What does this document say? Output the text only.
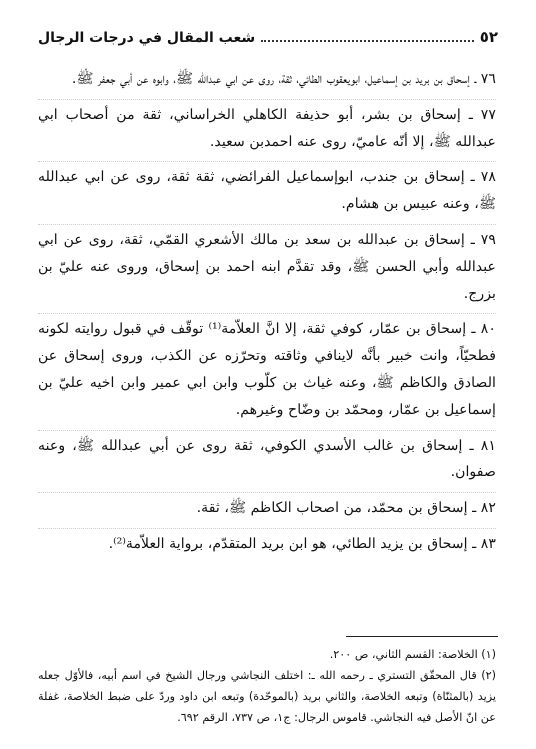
٥٢
شعب المقال في درجات الرجال

٧٦ ـ إسحاق بن بريد بن إسماعيل، ابويعقوب الطائي، ثقة، روى عن ابي عبدالله ﷺ، وابوه عن أبي جعفر ﷺ.

٧٧ ـ إسحاق بن بشر، أبو حذيفة الكاهلي الخراساني، ثقة من أصحاب ابي عبدالله ﷺ، إلا أنّه عاميّ، روى عنه احمدبن سعيد.

٧٨ ـ إسحاق بن جندب، ابوإسماعيل الفرائضي، ثقة ثقة، روى عن ابي عبدالله ﷺ، وعنه عبيس بن هشام.

٧٩ ـ إسحاق بن عبدالله بن سعد بن مالك الأشعري القمّي، ثقة، روى عن ابي عبدالله وأبي الحسن ﷺ، وقد تقدَّم ابنه احمد بن إسحاق، وروى عنه عليّ بن بزرج.

٨٠ ـ إسحاق بن عمّار، كوفي ثقة، إلا انَّ العلاّمة⁽¹⁾ توقّف في قبول روايته لكونه فطحيّاً، وانت خبير بأنَّه لاينافي وثاقته وتحرّزه عن الكذب، وروى إسحاق عن الصادق والكاظم ﷺ، وعنه غياث بن كلّوب وابن ابي عمير وابن اخيه عليّ بن إسماعيل بن عمّار، ومحمّد بن وضّاح وغيرهم.

٨١ ـ إسحاق بن غالب الأسدي الكوفي، ثقة روى عن أبي عبدالله ﷺ، وعنه صفوان.

٨٢ ـ إسحاق بن محمّد، من اصحاب الكاظم ﷺ، ثقة.

٨٣ ـ إسحاق بن يزيد الطائي، هو ابن بريد المتقدّم، برواية العلاّمة⁽²⁾.

(١) الخلاصة: القسم الثاني، ص ٢٠٠.

(٢) قال المحقّق التستري ـ رحمه الله ـ: اختلف النجاشي ورجال الشيخ في اسم أبيه، فالأوّل جعله يزيد (بالمثنّاة) وتبعه الخلاصة، والثاني بريد (بالموحّدة) وتبعه ابن داود وردّ على ضبط الخلاصة، غفلة عن انّ الأصل فيه النجاشي. قاموس الرجال: ج١، ص ٧٣٧، الرقم ٦٩٢.
